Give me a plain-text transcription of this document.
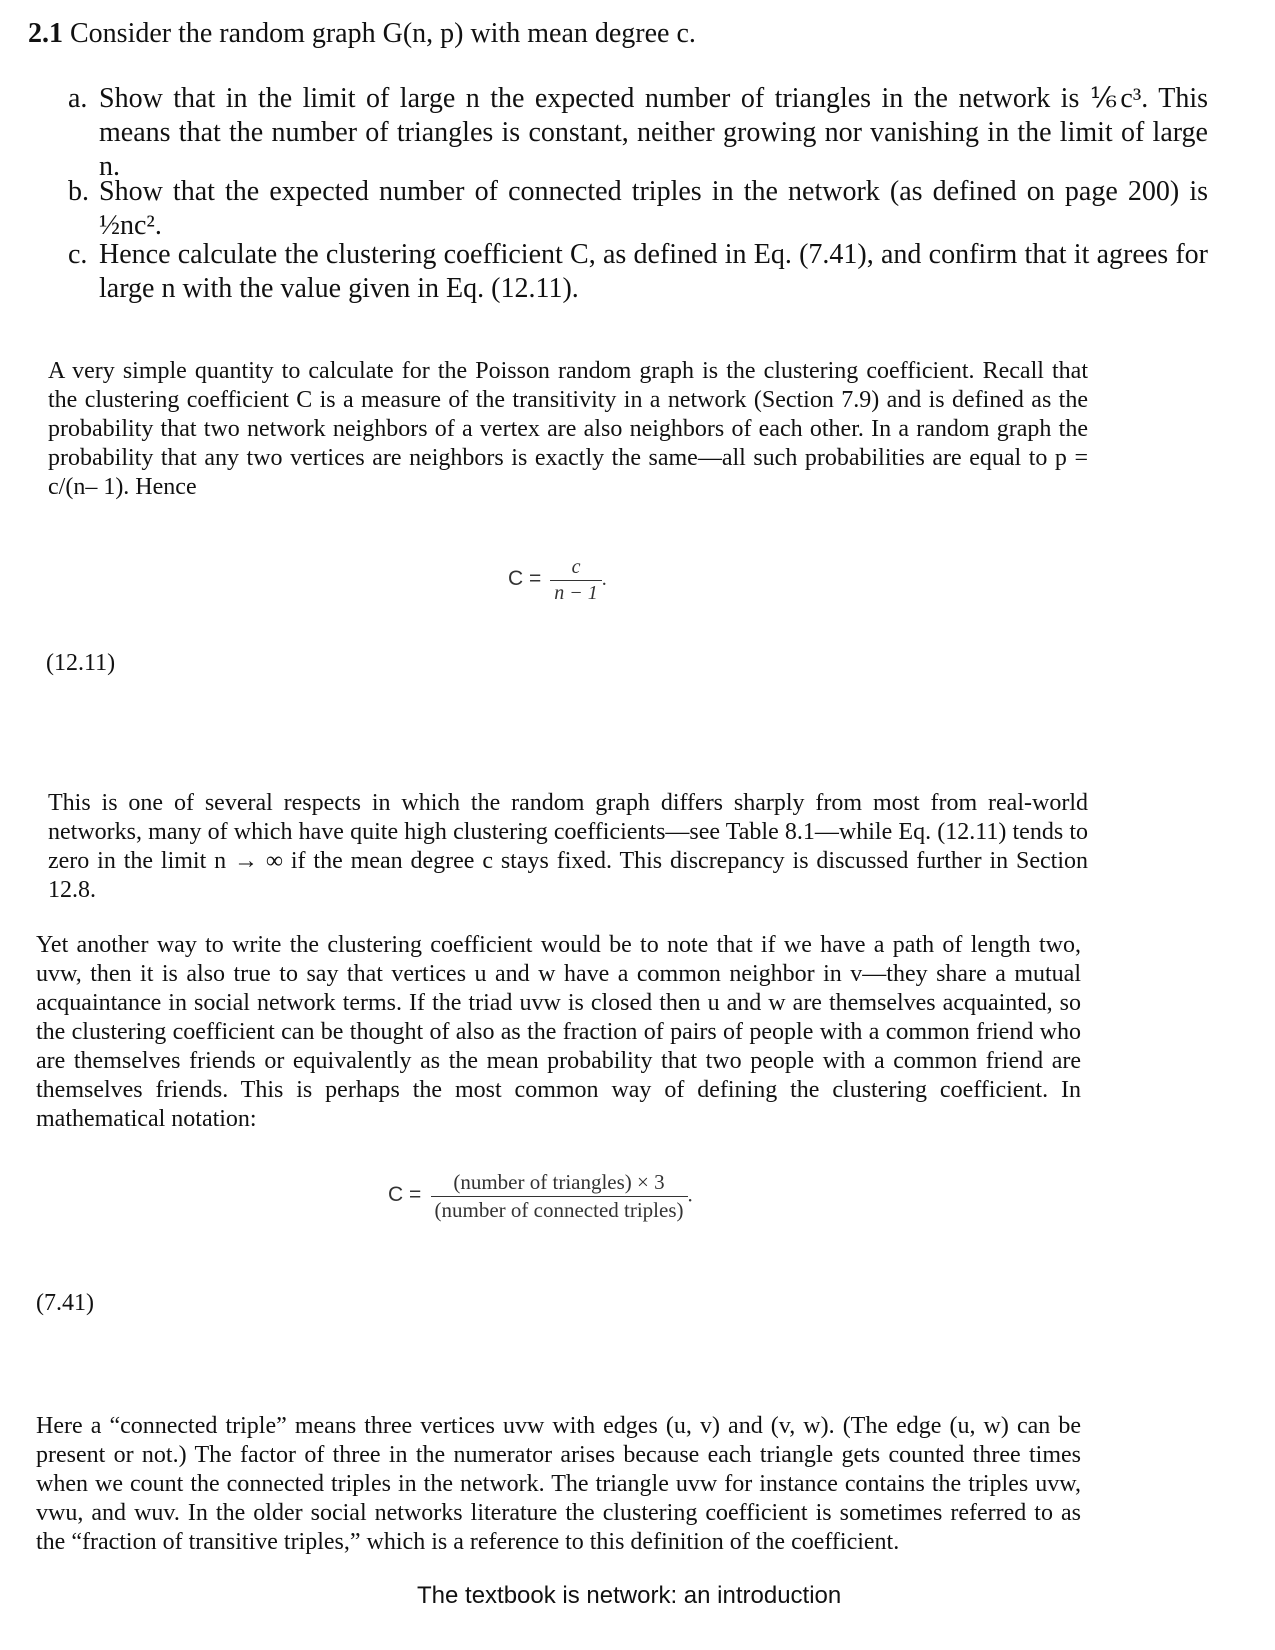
2.1 Consider the random graph G(n, p) with mean degree c.
a. Show that in the limit of large n the expected number of triangles in the network is ⅙c³. This means that the number of triangles is constant, neither growing nor vanishing in the limit of large n.
b. Show that the expected number of connected triples in the network (as defined on page 200) is ½nc².
c. Hence calculate the clustering coefficient C, as defined in Eq. (7.41), and confirm that it agrees for large n with the value given in Eq. (12.11).
A very simple quantity to calculate for the Poisson random graph is the clustering coefficient. Recall that the clustering coefficient C is a measure of the transitivity in a network (Section 7.9) and is defined as the probability that two network neighbors of a vertex are also neighbors of each other. In a random graph the probability that any two vertices are neighbors is exactly the same—all such probabilities are equal to p = c/(n– 1). Hence
$C = \frac{c}{n - 1}$ .
(12.11)
This is one of several respects in which the random graph differs sharply from most from real-world networks, many of which have quite high clustering coefficients—see Table 8.1—while Eq. (12.11) tends to zero in the limit n → ∞ if the mean degree c stays fixed. This discrepancy is discussed further in Section 12.8.
Yet another way to write the clustering coefficient would be to note that if we have a path of length two, uvw, then it is also true to say that vertices u and w have a common neighbor in v—they share a mutual acquaintance in social network terms. If the triad uvw is closed then u and w are themselves acquainted, so the clustering coefficient can be thought of also as the fraction of pairs of people with a common friend who are themselves friends or equivalently as the mean probability that two people with a common friend are themselves friends. This is perhaps the most common way of defining the clustering coefficient. In mathematical notation:
$C = \frac{\text{(number of triangles) × 3}}{\text{(number of connected triples)}}$ .
(7.41)
Here a “connected triple” means three vertices uvw with edges (u, v) and (v, w). (The edge (u, w) can be present or not.) The factor of three in the numerator arises because each triangle gets counted three times when we count the connected triples in the network. The triangle uvw for instance contains the triples uvw, vwu, and wuv. In the older social networks literature the clustering coefficient is sometimes referred to as the “fraction of transitive triples,” which is a reference to this definition of the coefficient.
The textbook is network: an introduction
